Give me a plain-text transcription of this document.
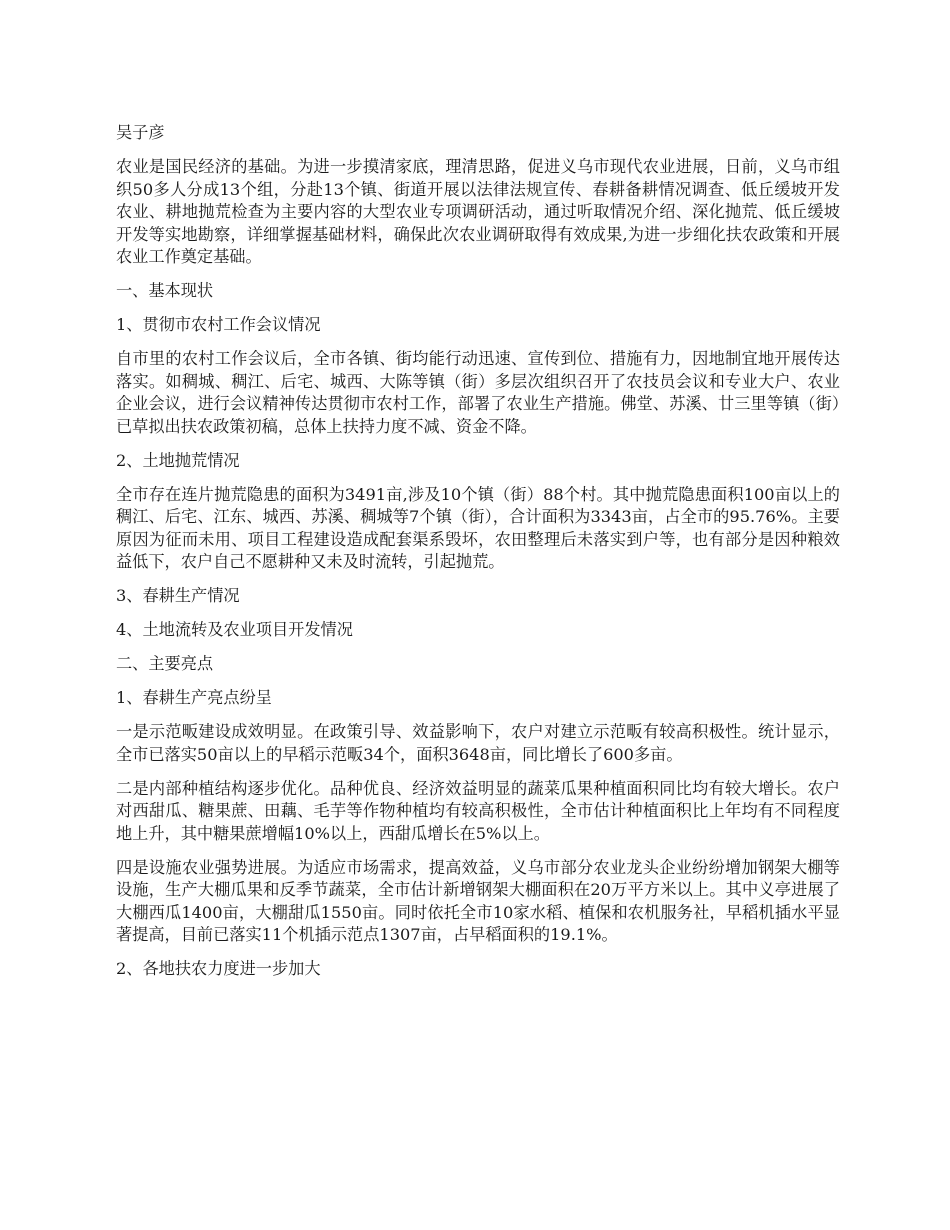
吴子彦

农业是国民经济的基础。为进一步摸清家底，理清思路，促进义乌市现代农业进展，日前，义乌市组织50多人分成13个组，分赴13个镇、街道开展以法律法规宣传、春耕备耕情况调查、低丘缓坡开发农业、耕地抛荒检查为主要内容的大型农业专项调研活动，通过听取情况介绍、深化抛荒、低丘缓坡开发等实地勘察，详细掌握基础材料，确保此次农业调研取得有效成果,为进一步细化扶农政策和开展农业工作奠定基础。

一、基本现状

1、贯彻市农村工作会议情况

自市里的农村工作会议后，全市各镇、街均能行动迅速、宣传到位、措施有力，因地制宜地开展传达落实。如稠城、稠江、后宅、城西、大陈等镇（街）多层次组织召开了农技员会议和专业大户、农业企业会议，进行会议精神传达贯彻市农村工作，部署了农业生产措施。佛堂、苏溪、廿三里等镇（街）已草拟出扶农政策初稿，总体上扶持力度不减、资金不降。

2、土地抛荒情况

全市存在连片抛荒隐患的面积为3491亩,涉及10个镇（街）88个村。其中抛荒隐患面积100亩以上的稠江、后宅、江东、城西、苏溪、稠城等7个镇（街），合计面积为3343亩，占全市的95.76%。主要原因为征而未用、项目工程建设造成配套渠系毁坏，农田整理后未落实到户等，也有部分是因种粮效益低下，农户自己不愿耕种又未及时流转，引起抛荒。

3、春耕生产情况

4、土地流转及农业项目开发情况

二、主要亮点

1、春耕生产亮点纷呈

一是示范畈建设成效明显。在政策引导、效益影响下，农户对建立示范畈有较高积极性。统计显示，全市已落实50亩以上的早稻示范畈34个，面积3648亩，同比增长了600多亩。

二是内部种植结构逐步优化。品种优良、经济效益明显的蔬菜瓜果种植面积同比均有较大增长。农户对西甜瓜、糖果蔗、田藕、毛芋等作物种植均有较高积极性，全市估计种植面积比上年均有不同程度地上升，其中糖果蔗增幅10%以上，西甜瓜增长在5%以上。

四是设施农业强势进展。为适应市场需求，提高效益，义乌市部分农业龙头企业纷纷增加钢架大棚等设施，生产大棚瓜果和反季节蔬菜，全市估计新增钢架大棚面积在20万平方米以上。其中义亭进展了大棚西瓜1400亩，大棚甜瓜1550亩。同时依托全市10家水稻、植保和农机服务社，早稻机插水平显著提高，目前已落实11个机插示范点1307亩，占早稻面积的19.1%。

2、各地扶农力度进一步加大
